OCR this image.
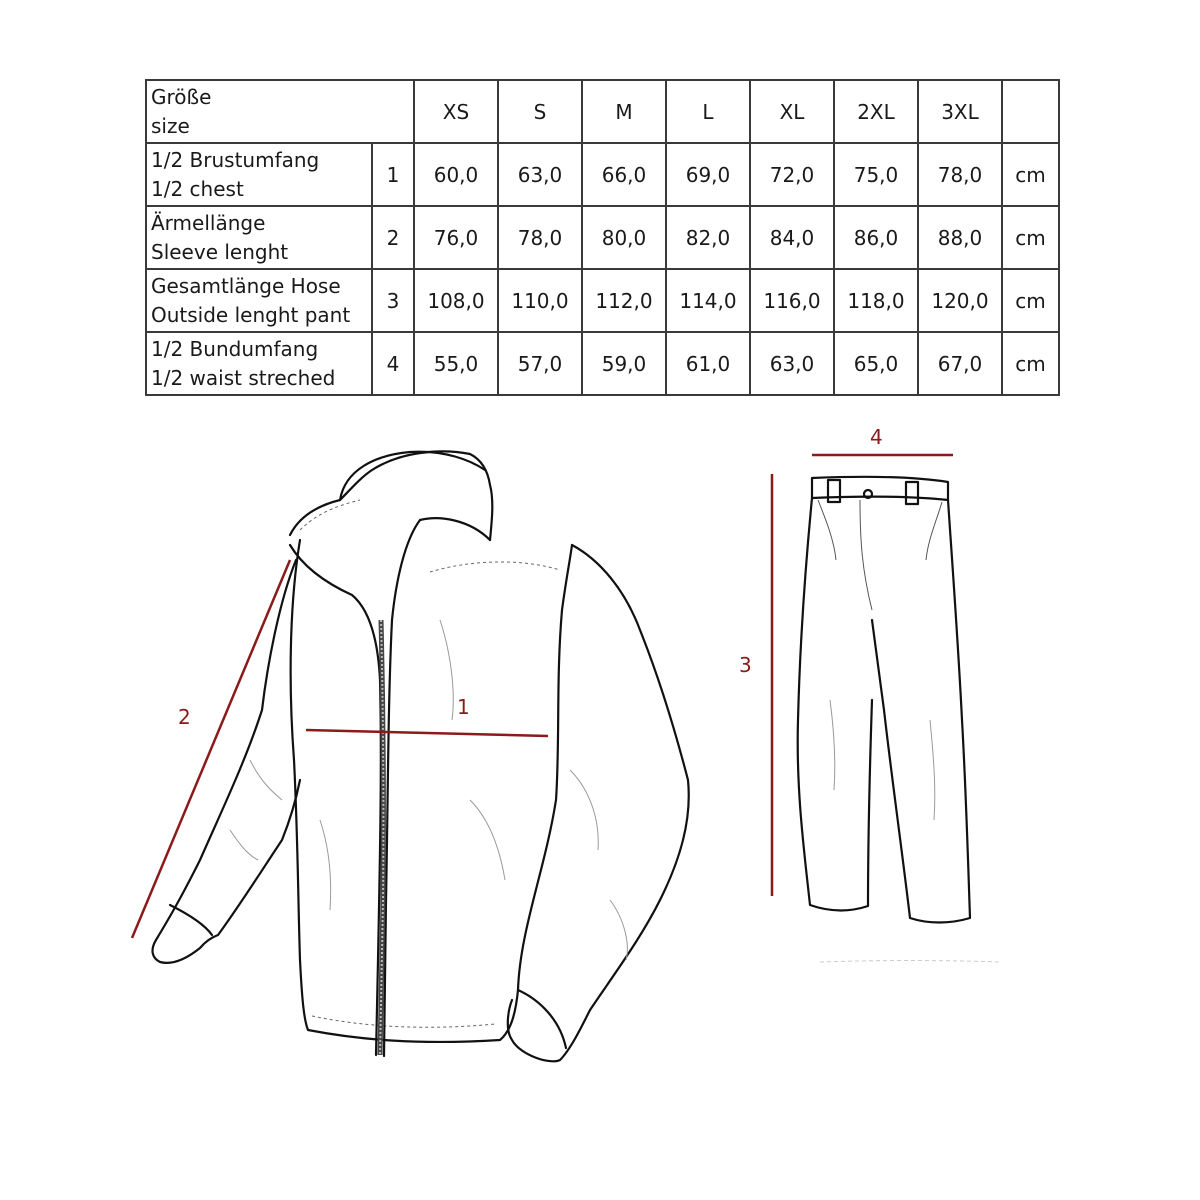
Größe
size		XS	S	M	L	XL	2XL	3XL	

1/2 Brustumfang
1/2 chest	1	60,0	63,0	66,0	69,0	72,0	75,0	78,0	cm

Ärmellänge
Sleeve lenght	2	76,0	78,0	80,0	82,0	84,0	86,0	88,0	cm

Gesamtlänge Hose
Outside lenght pant	3	108,0	110,0	112,0	114,0	116,0	118,0	120,0	cm

1/2 Bundumfang
1/2 waist streched	4	55,0	57,0	59,0	61,0	63,0	65,0	67,0	cm
1
2
3
4
